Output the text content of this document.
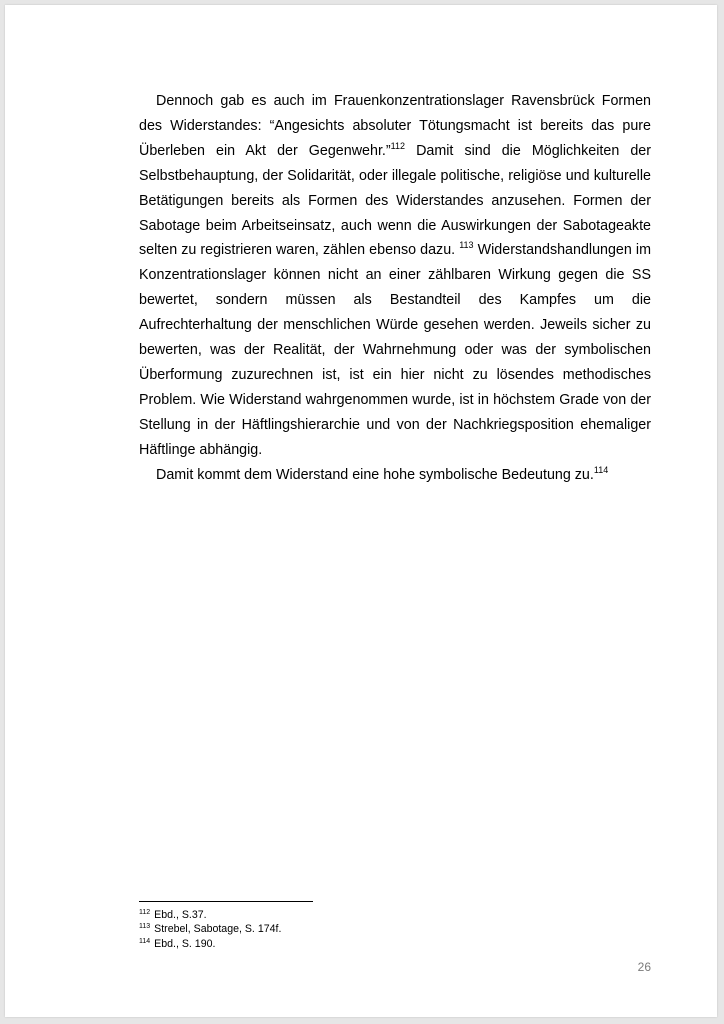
Dennoch gab es auch im Frauenkonzentrationslager Ravensbrück Formen des Widerstandes: “Angesichts absoluter Tötungsmacht ist bereits das pure Überleben ein Akt der Gegenwehr.”$^{112}$ Damit sind die Möglichkeiten der Selbstbehauptung, der Solidarität, oder illegale politische, religiöse und kulturelle Betätigungen bereits als Formen des Widerstandes anzusehen. Formen der Sabotage beim Arbeitseinsatz, auch wenn die Auswirkungen der Sabotageakte selten zu registrieren waren, zählen ebenso dazu. $^{113}$ Widerstandshandlungen im Konzentrationslager können nicht an einer zählbaren Wirkung gegen die SS bewertet, sondern müssen als Bestandteil des Kampfes um die Aufrechterhaltung der menschlichen Würde gesehen werden. Jeweils sicher zu bewerten, was der Realität, der Wahrnehmung oder was der symbolischen Überformung zuzurechnen ist, ist ein hier nicht zu lösendes methodisches Problem. Wie Widerstand wahrgenommen wurde, ist in höchstem Grade von der Stellung in der Häftlingshierarchie und von der Nachkriegsposition ehemaliger Häftlinge abhängig.

Damit kommt dem Widerstand eine hohe symbolische Bedeutung zu.$^{114}$

$^{112}$ Ebd., S.37.
$^{113}$ Strebel, Sabotage, S. 174f.
$^{114}$ Ebd., S. 190.
26
